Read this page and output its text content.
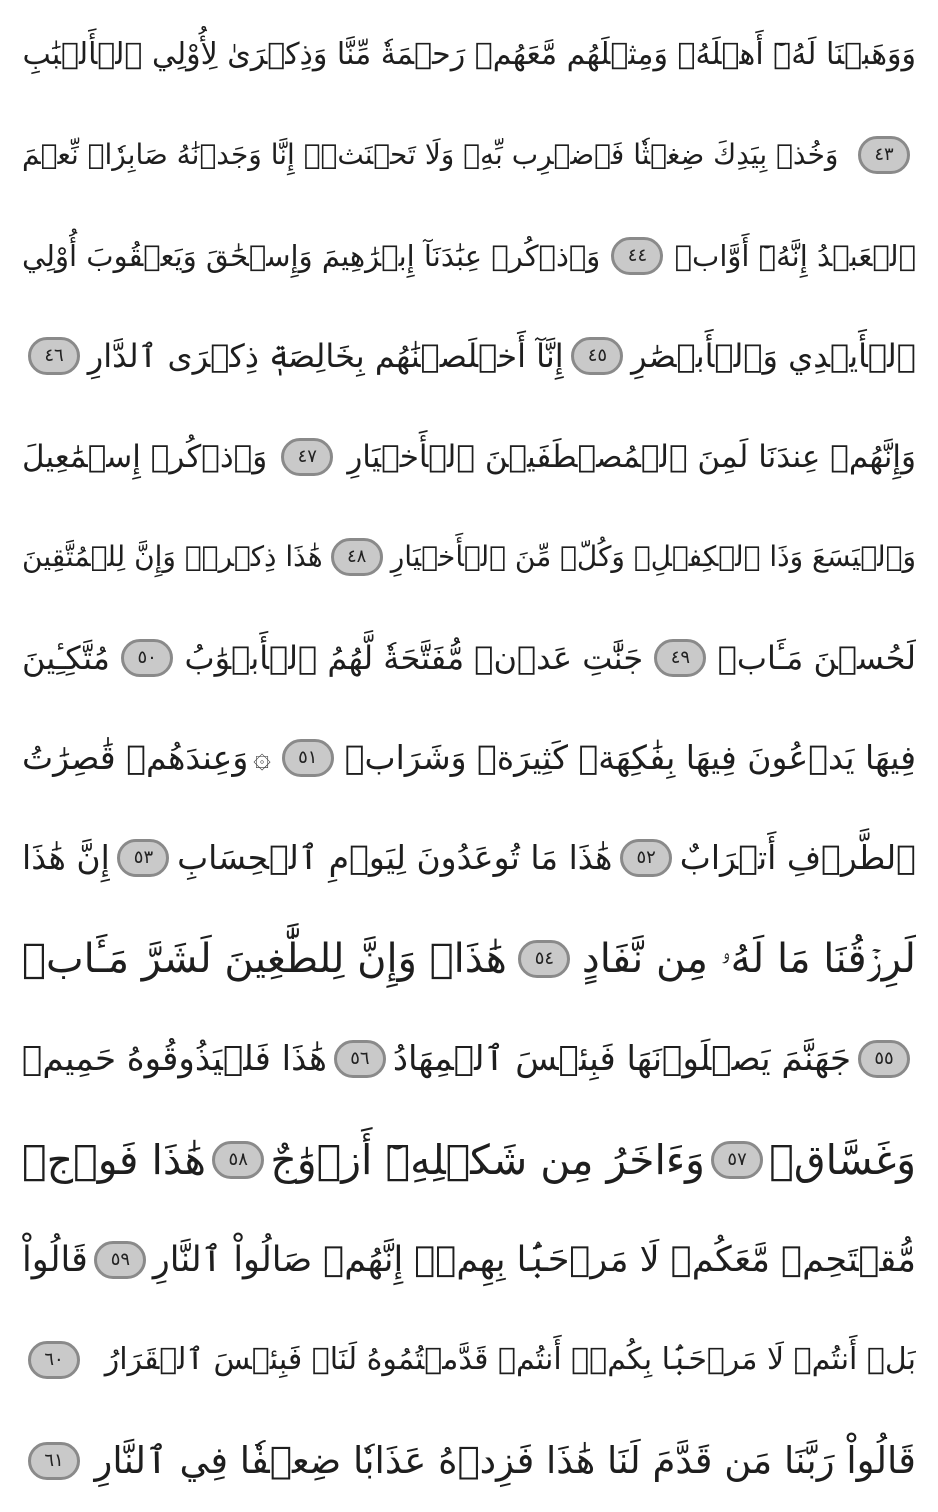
وَوَهَبۡنَا لَهُۥٓ أَهۡلَهُۥ وَمِثۡلَهُم مَّعَهُمۡ رَحۡمَةٗ مِّنَّا وَذِكۡرَىٰ لِأُوْلِي ٱلۡأَلۡبَٰبِ
٤٣
وَخُذۡ بِيَدِكَ ضِغۡثٗا فَٱضۡرِب بِّهِۦ وَلَا تَحۡنَثۡۗ إِنَّا وَجَدۡنَٰهُ صَابِرٗاۚ نِّعۡمَ
ٱلۡعَبۡدُ إِنَّهُۥٓ أَوَّابٞ
٤٤
وَٱذۡكُرۡ عِبَٰدَنَآ إِبۡرَٰهِيمَ وَإِسۡحَٰقَ وَيَعۡقُوبَ أُوْلِي
ٱلۡأَيۡدِي وَٱلۡأَبۡصَٰرِ
٤٥
إِنَّآ أَخۡلَصۡنَٰهُم بِخَالِصَةٖ ذِكۡرَى ٱلدَّارِ
٤٦
وَإِنَّهُمۡ عِندَنَا لَمِنَ ٱلۡمُصۡطَفَيۡنَ ٱلۡأَخۡيَارِ
٤٧
وَٱذۡكُرۡ إِسۡمَٰعِيلَ
وَٱلۡيَسَعَ وَذَا ٱلۡكِفۡلِۖ وَكُلّٞ مِّنَ ٱلۡأَخۡيَارِ
٤٨
هَٰذَا ذِكۡرٞۚ وَإِنَّ لِلۡمُتَّقِينَ
لَحُسۡنَ مَـَٔابٖ
٤٩
جَنَّٰتِ عَدۡنٖ مُّفَتَّحَةٗ لَّهُمُ ٱلۡأَبۡوَٰبُ
٥٠
مُتَّكِـِٔينَ
فِيهَا يَدۡعُونَ فِيهَا بِفَٰكِهَةٖ كَثِيرَةٖ وَشَرَابٖ
٥١
۞
وَعِندَهُمۡ قَٰصِرَٰتُ
ٱلطَّرۡفِ أَتۡرَابٌ
٥٢
هَٰذَا مَا تُوعَدُونَ لِيَوۡمِ ٱلۡحِسَابِ
٥٣
إِنَّ هَٰذَا
لَرِزۡقُنَا مَا لَهُۥ مِن نَّفَادٍ
٥٤
هَٰذَاۚ وَإِنَّ لِلطَّٰغِينَ لَشَرَّ مَـَٔابٖ
٥٥
جَهَنَّمَ يَصۡلَوۡنَهَا فَبِئۡسَ ٱلۡمِهَادُ
٥٦
هَٰذَا فَلۡيَذُوقُوهُ حَمِيمٞ
وَغَسَّاقٞ
٥٧
وَءَاخَرُ مِن شَكۡلِهِۦٓ أَزۡوَٰجٌ
٥٨
هَٰذَا فَوۡجٞ
مُّقۡتَحِمٞ مَّعَكُمۡ لَا مَرۡحَبَۢا بِهِمۡۚ إِنَّهُمۡ صَالُواْ ٱلنَّارِ
٥٩
قَالُواْ
بَلۡ أَنتُمۡ لَا مَرۡحَبَۢا بِكُمۡۖ أَنتُمۡ قَدَّمۡتُمُوهُ لَنَاۖ فَبِئۡسَ ٱلۡقَرَارُ
٦٠
قَالُواْ رَبَّنَا مَن قَدَّمَ لَنَا هَٰذَا فَزِدۡهُ عَذَابٗا ضِعۡفٗا فِي ٱلنَّارِ
٦١
